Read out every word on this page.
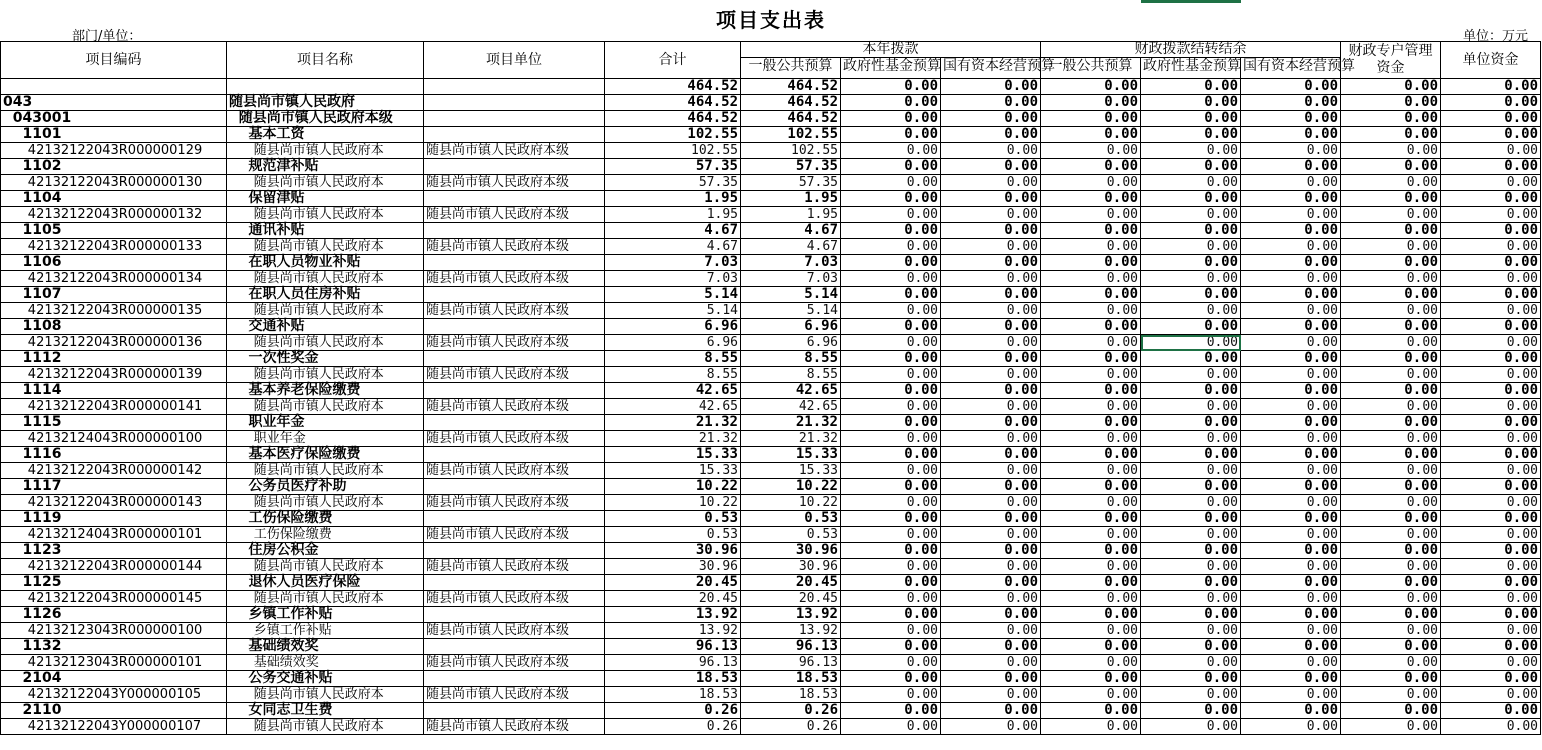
项目支出表
部门/单位：	单位：万元
项目编码	项目名称	项目单位	合计	本年拨款			财政拨款结转结余			财政专户管理资金	单位资金
				一般公共预算	政府性基金预算	国有资本经营预算	一般公共预算	政府性基金预算	国有资本经营预算		
			464.52	464.52	0.00	0.00	0.00	0.00	0.00	0.00	0.00
043	随县尚市镇人民政府		464.52	464.52	0.00	0.00	0.00	0.00	0.00	0.00	0.00
043001	随县尚市镇人民政府本级		464.52	464.52	0.00	0.00	0.00	0.00	0.00	0.00	0.00
1101	基本工资		102.55	102.55	0.00	0.00	0.00	0.00	0.00	0.00	0.00
42132122043R000000129	随县尚市镇人民政府本	随县尚市镇人民政府本级	102.55	102.55	0.00	0.00	0.00	0.00	0.00	0.00	0.00
1102	规范津补贴		57.35	57.35	0.00	0.00	0.00	0.00	0.00	0.00	0.00
42132122043R000000130	随县尚市镇人民政府本	随县尚市镇人民政府本级	57.35	57.35	0.00	0.00	0.00	0.00	0.00	0.00	0.00
1104	保留津贴		1.95	1.95	0.00	0.00	0.00	0.00	0.00	0.00	0.00
42132122043R000000132	随县尚市镇人民政府本	随县尚市镇人民政府本级	1.95	1.95	0.00	0.00	0.00	0.00	0.00	0.00	0.00
1105	通讯补贴		4.67	4.67	0.00	0.00	0.00	0.00	0.00	0.00	0.00
42132122043R000000133	随县尚市镇人民政府本	随县尚市镇人民政府本级	4.67	4.67	0.00	0.00	0.00	0.00	0.00	0.00	0.00
1106	在职人员物业补贴		7.03	7.03	0.00	0.00	0.00	0.00	0.00	0.00	0.00
42132122043R000000134	随县尚市镇人民政府本	随县尚市镇人民政府本级	7.03	7.03	0.00	0.00	0.00	0.00	0.00	0.00	0.00
1107	在职人员住房补贴		5.14	5.14	0.00	0.00	0.00	0.00	0.00	0.00	0.00
42132122043R000000135	随县尚市镇人民政府本	随县尚市镇人民政府本级	5.14	5.14	0.00	0.00	0.00	0.00	0.00	0.00	0.00
1108	交通补贴		6.96	6.96	0.00	0.00	0.00	0.00	0.00	0.00	0.00
42132122043R000000136	随县尚市镇人民政府本	随县尚市镇人民政府本级	6.96	6.96	0.00	0.00	0.00	0.00	0.00	0.00	0.00
1112	一次性奖金		8.55	8.55	0.00	0.00	0.00	0.00	0.00	0.00	0.00
42132122043R000000139	随县尚市镇人民政府本	随县尚市镇人民政府本级	8.55	8.55	0.00	0.00	0.00	0.00	0.00	0.00	0.00
1114	基本养老保险缴费		42.65	42.65	0.00	0.00	0.00	0.00	0.00	0.00	0.00
42132122043R000000141	随县尚市镇人民政府本	随县尚市镇人民政府本级	42.65	42.65	0.00	0.00	0.00	0.00	0.00	0.00	0.00
1115	职业年金		21.32	21.32	0.00	0.00	0.00	0.00	0.00	0.00	0.00
42132124043R000000100	职业年金	随县尚市镇人民政府本级	21.32	21.32	0.00	0.00	0.00	0.00	0.00	0.00	0.00
1116	基本医疗保险缴费		15.33	15.33	0.00	0.00	0.00	0.00	0.00	0.00	0.00
42132122043R000000142	随县尚市镇人民政府本	随县尚市镇人民政府本级	15.33	15.33	0.00	0.00	0.00	0.00	0.00	0.00	0.00
1117	公务员医疗补助		10.22	10.22	0.00	0.00	0.00	0.00	0.00	0.00	0.00
42132122043R000000143	随县尚市镇人民政府本	随县尚市镇人民政府本级	10.22	10.22	0.00	0.00	0.00	0.00	0.00	0.00	0.00
1119	工伤保险缴费		0.53	0.53	0.00	0.00	0.00	0.00	0.00	0.00	0.00
42132124043R000000101	工伤保险缴费	随县尚市镇人民政府本级	0.53	0.53	0.00	0.00	0.00	0.00	0.00	0.00	0.00
1123	住房公积金		30.96	30.96	0.00	0.00	0.00	0.00	0.00	0.00	0.00
42132122043R000000144	随县尚市镇人民政府本	随县尚市镇人民政府本级	30.96	30.96	0.00	0.00	0.00	0.00	0.00	0.00	0.00
1125	退休人员医疗保险		20.45	20.45	0.00	0.00	0.00	0.00	0.00	0.00	0.00
42132122043R000000145	随县尚市镇人民政府本	随县尚市镇人民政府本级	20.45	20.45	0.00	0.00	0.00	0.00	0.00	0.00	0.00
1126	乡镇工作补贴		13.92	13.92	0.00	0.00	0.00	0.00	0.00	0.00	0.00
42132123043R000000100	乡镇工作补贴	随县尚市镇人民政府本级	13.92	13.92	0.00	0.00	0.00	0.00	0.00	0.00	0.00
1132	基础绩效奖		96.13	96.13	0.00	0.00	0.00	0.00	0.00	0.00	0.00
42132123043R000000101	基础绩效奖	随县尚市镇人民政府本级	96.13	96.13	0.00	0.00	0.00	0.00	0.00	0.00	0.00
2104	公务交通补贴		18.53	18.53	0.00	0.00	0.00	0.00	0.00	0.00	0.00
42132122043Y000000105	随县尚市镇人民政府本	随县尚市镇人民政府本级	18.53	18.53	0.00	0.00	0.00	0.00	0.00	0.00	0.00
2110	女同志卫生费		0.26	0.26	0.00	0.00	0.00	0.00	0.00	0.00	0.00
42132122043Y000000107	随县尚市镇人民政府本	随县尚市镇人民政府本级	0.26	0.26	0.00	0.00	0.00	0.00	0.00	0.00	0.00
